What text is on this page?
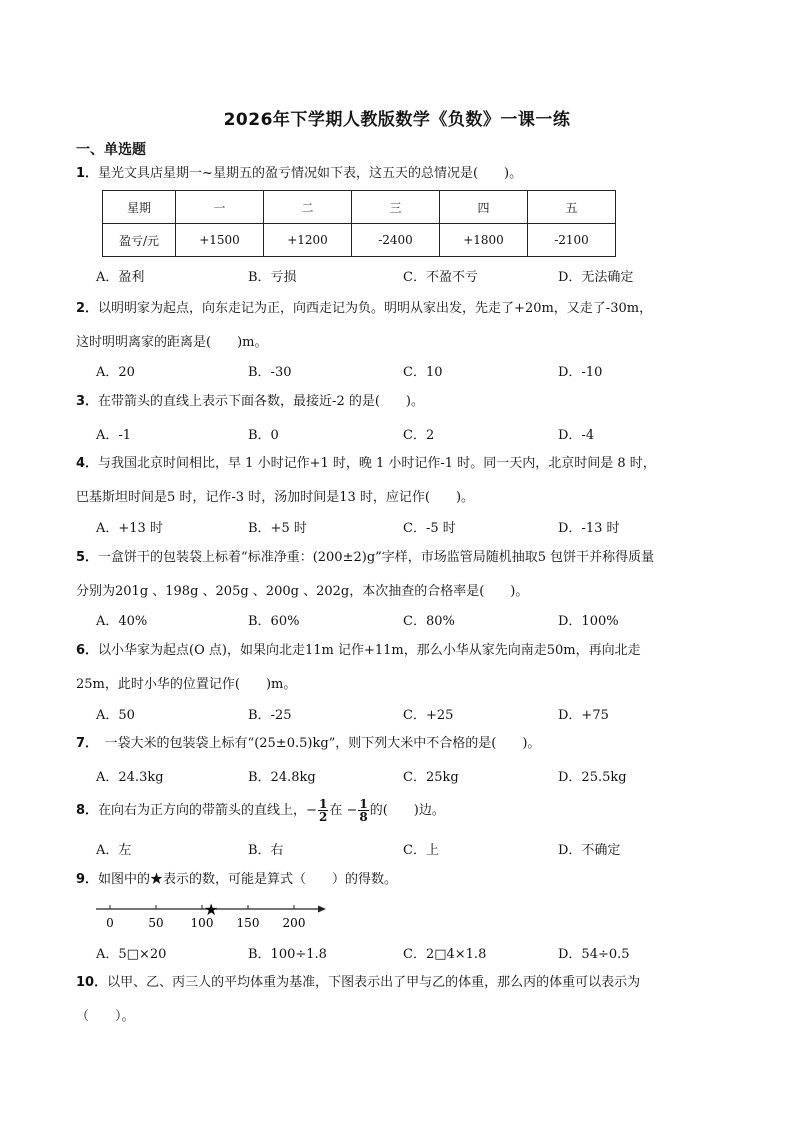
2026年下学期人教版数学《负数》一课一练
一、单选题
1．星光文具店星期一~星期五的盈亏情况如下表，这五天的总情况是(　　)。
星期	一	二	三	四	五
盈亏/元	+1500	+1200	-2400	+1800	-2100
A．盈利	B．亏损	C．不盈不亏	D．无法确定
2．以明明家为起点，向东走记为正，向西走记为负。明明从家出发，先走了+20m，又走了-30m，
这时明明离家的距离是(　　)m。
A．20	B．-30	C．10	D．-10
3．在带箭头的直线上表示下面各数，最接近-2 的是(　　)。
A．-1	B．0	C．2	D．-4
4．与我国北京时间相比，早 1 小时记作+1 时，晚 1 小时记作-1 时。同一天内，北京时间是 8 时，
巴基斯坦时间是5 时，记作-3 时，汤加时间是13 时，应记作(　　)。
A．+13 时	B．+5 时	C．-5 时	D．-13 时
5．一盒饼干的包装袋上标着“标准净重：(200±2)g”字样，市场监管局随机抽取5 包饼干并称得质量
分别为201g 、198g 、205g 、200g 、202g，本次抽查的合格率是(　　)。
A．40%	B．60%	C．80%	D．100%
6．以小华家为起点(O 点)，如果向北走11m 记作+11m，那么小华从家先向南走50m，再向北走
25m，此时小华的位置记作(　　)m。
A．50	B．-25	C．+25	D．+75
7．　一袋大米的包装袋上标有“(25±0.5)kg”，则下列大米中不合格的是(　　)。
A．24.3kg	B．24.8kg	C．25kg	D．25.5kg
8．在向右为正方向的带箭头的直线上，− $\frac{1}{2}$ 在 − $\frac{1}{8}$ 的(　　)边。
A．左	B．右	C．上	D．不确定
9．如图中的★表示的数，可能是算式（　　）的得数。
0	50 100 150 200
★
A．5□×20	B．100÷1.8	C．2□4×1.8	D．54÷0.5
10．以甲、乙、丙三人的平均体重为基准，下图表示出了甲与乙的体重，那么丙的体重可以表示为
（　　）。
